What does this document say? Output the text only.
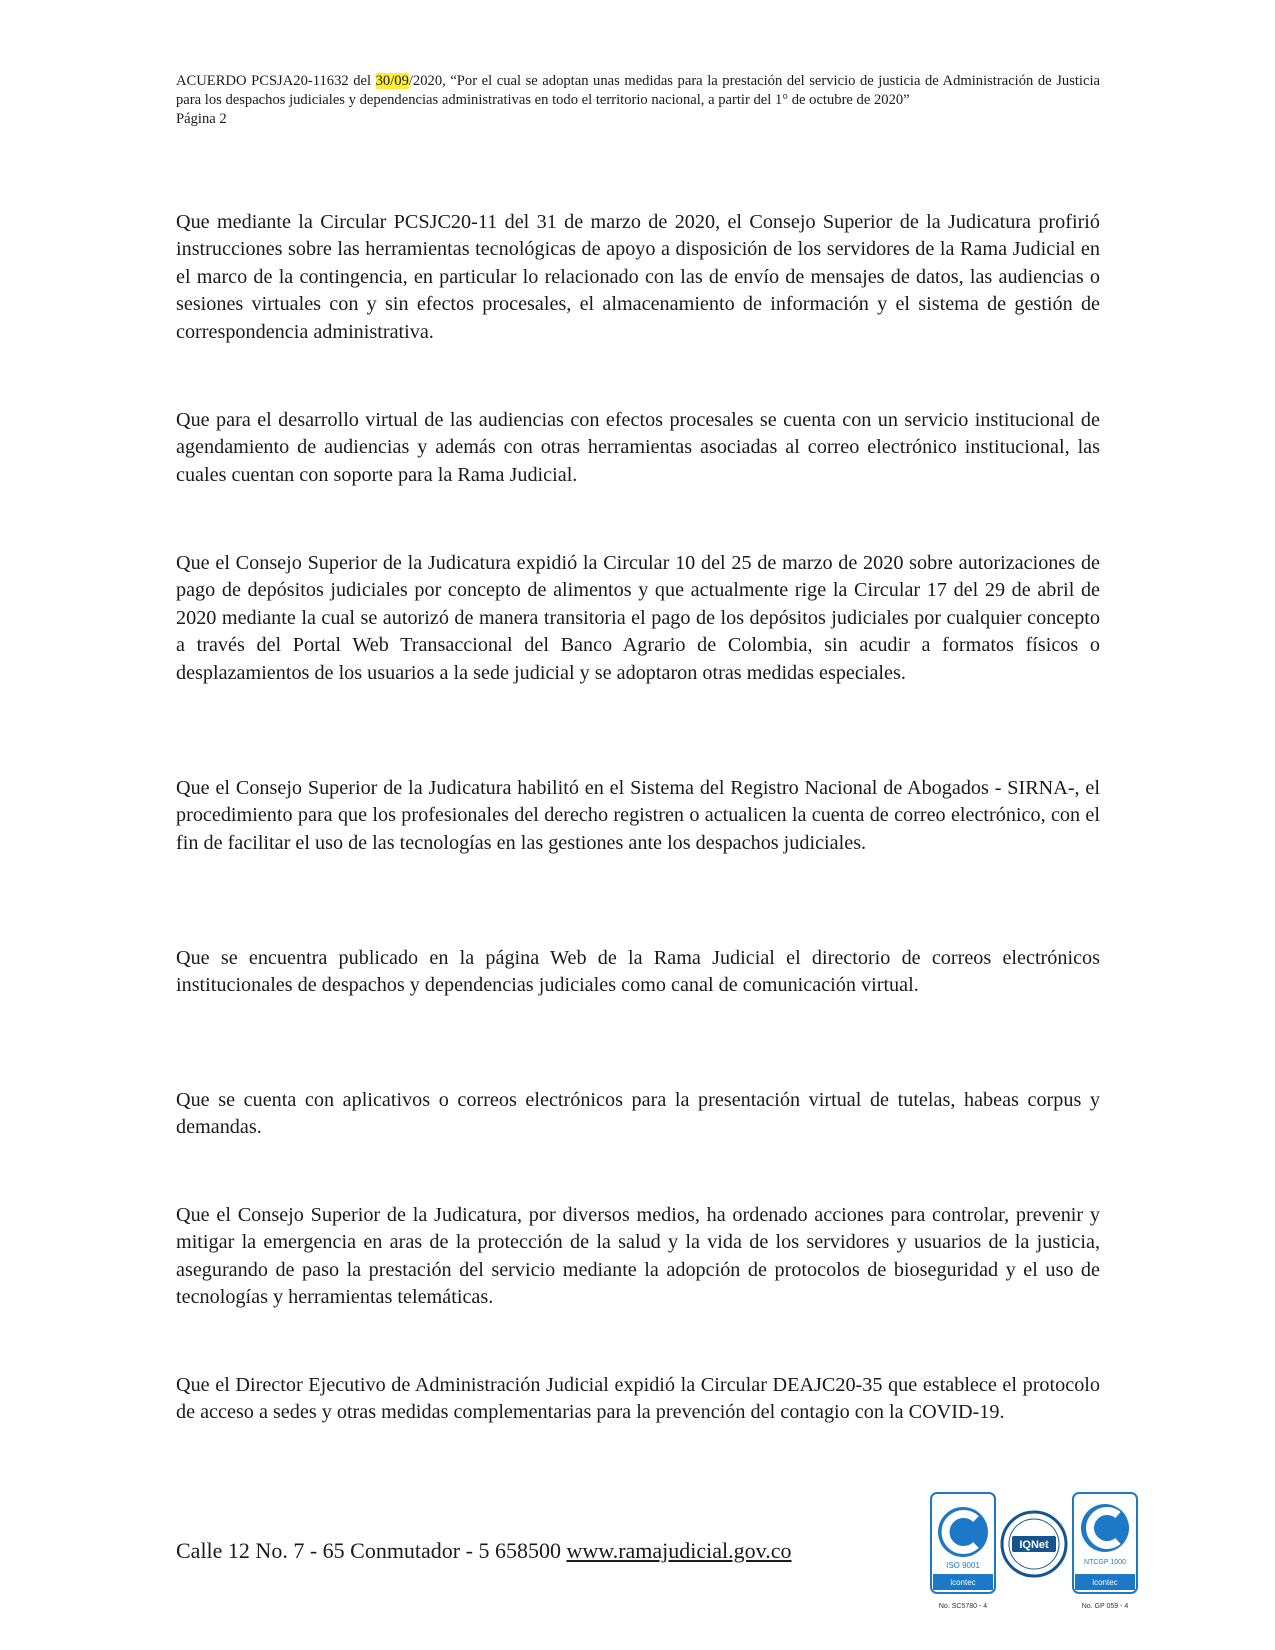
ACUERDO PCSJA20-11632 del 30/09/2020, “Por el cual se adoptan unas medidas para la prestación del servicio de justicia de Administración de Justicia para los despachos judiciales y dependencias administrativas en todo el territorio nacional, a partir del 1° de octubre de 2020”
Página 2

Que mediante la Circular PCSJC20-11 del 31 de marzo de 2020, el Consejo Superior de la Judicatura profirió instrucciones sobre las herramientas tecnológicas de apoyo a disposición de los servidores de la Rama Judicial en el marco de la contingencia, en particular lo relacionado con las de envío de mensajes de datos, las audiencias o sesiones virtuales con y sin efectos procesales, el almacenamiento de información y el sistema de gestión de correspondencia administrativa.

Que para el desarrollo virtual de las audiencias con efectos procesales se cuenta con un servicio institucional de agendamiento de audiencias y además con otras herramientas asociadas al correo electrónico institucional, las cuales cuentan con soporte para la Rama Judicial.

Que el Consejo Superior de la Judicatura expidió la Circular 10 del 25 de marzo de 2020 sobre autorizaciones de pago de depósitos judiciales por concepto de alimentos y que actualmente rige la Circular 17 del 29 de abril de 2020 mediante la cual se autorizó de manera transitoria el pago de los depósitos judiciales por cualquier concepto a través del Portal Web Transaccional del Banco Agrario de Colombia, sin acudir a formatos físicos o desplazamientos de los usuarios a la sede judicial y se adoptaron otras medidas especiales.

Que el Consejo Superior de la Judicatura habilitó en el Sistema del Registro Nacional de Abogados - SIRNA-, el procedimiento para que los profesionales del derecho registren o actualicen la cuenta de correo electrónico, con el fin de facilitar el uso de las tecnologías en las gestiones ante los despachos judiciales.

Que se encuentra publicado en la página Web de la Rama Judicial el directorio de correos electrónicos institucionales de despachos y dependencias judiciales como canal de comunicación virtual.

Que se cuenta con aplicativos o correos electrónicos para la presentación virtual de tutelas, habeas corpus y demandas.

Que el Consejo Superior de la Judicatura, por diversos medios, ha ordenado acciones para controlar, prevenir y mitigar la emergencia en aras de la protección de la salud y la vida de los servidores y usuarios de la justicia, asegurando de paso la prestación del servicio mediante la adopción de protocolos de bioseguridad y el uso de tecnologías y herramientas telemáticas.

Que el Director Ejecutivo de Administración Judicial expidió la Circular DEAJC20-35 que establece el protocolo de acceso a sedes y otras medidas complementarias para la prevención del contagio con la COVID-19.

Calle 12 No. 7 - 65 Conmutador - 5 658500 www.ramajudicial.gov.co
ISO 9001
icontec
No. SC5780 - 4
IQNet
NTCGP 1000
icontec
No. GP 059 - 4
